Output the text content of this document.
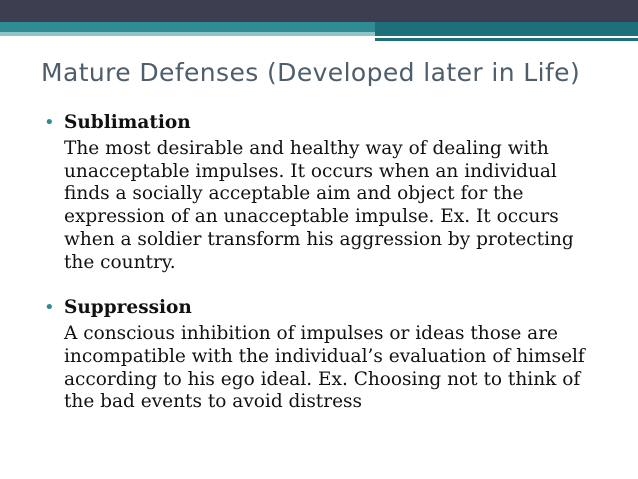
Mature Defenses (Developed later in Life)
• Sublimation

The most desirable and healthy way of dealing with
unacceptable impulses. It occurs when an individual
finds a socially acceptable aim and object for the
expression of an unacceptable impulse. Ex. It occurs
when a soldier transform his aggression by protecting
the country.

• Suppression

A conscious inhibition of impulses or ideas those are
incompatible with the individual’s evaluation of himself
according to his ego ideal. Ex. Choosing not to think of
the bad events to avoid distress
